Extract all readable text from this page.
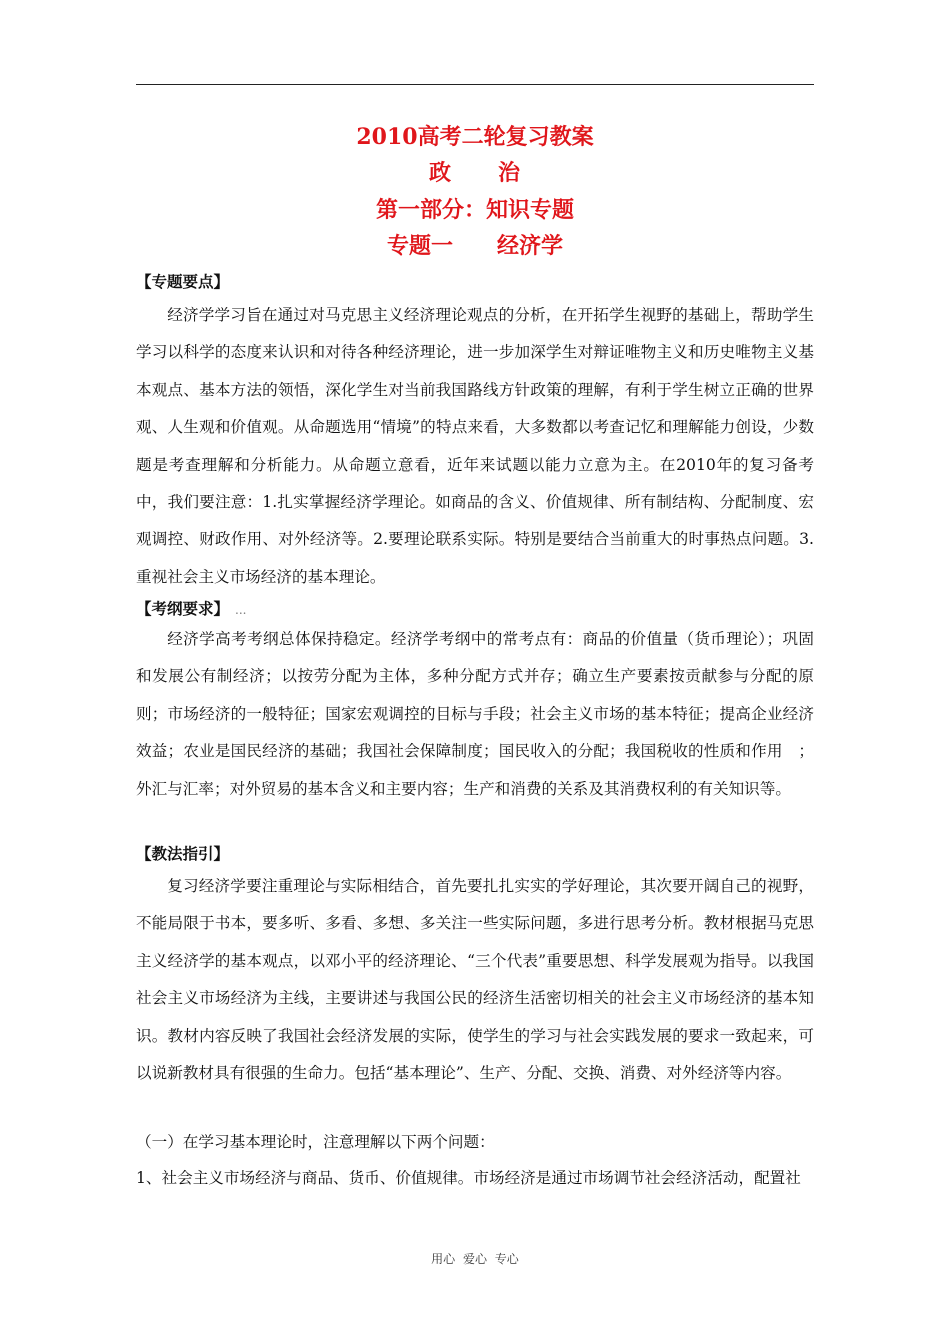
2010高考二轮复习教案
政　　治
第一部分：知识专题
专题一　　经济学
【专题要点】

经济学学习旨在通过对马克思主义经济理论观点的分析，在开拓学生视野的基础上，帮助学生学习以科学的态度来认识和对待各种经济理论，进一步加深学生对辩证唯物主义和历史唯物主义基本观点、基本方法的领悟，深化学生对当前我国路线方针政策的理解，有利于学生树立正确的世界观、人生观和价值观。从命题选用“情境”的特点来看，大多数都以考查记忆和理解能力创设，少数题是考查理解和分析能力。从命题立意看，近年来试题以能力立意为主。在2010年的复习备考中，我们要注意：1.扎实掌握经济学理论。如商品的含义、价值规律、所有制结构、分配制度、宏观调控、财政作用、对外经济等。2.要理论联系实际。特别是要结合当前重大的时事热点问题。3. 重视社会主义市场经济的基本理论。

【考纲要求】 ...

经济学高考考纲总体保持稳定。经济学考纲中的常考点有：商品的价值量（货币理论）；巩固和发展公有制经济；以按劳分配为主体，多种分配方式并存；确立生产要素按贡献参与分配的原则；市场经济的一般特征；国家宏观调控的目标与手段；社会主义市场的基本特征；提高企业经济效益；农业是国民经济的基础；我国社会保障制度；国民收入的分配；我国税收的性质和作用　；外汇与汇率；对外贸易的基本含义和主要内容；生产和消费的关系及其消费权利的有关知识等。

【教法指引】

复习经济学要注重理论与实际相结合，首先要扎扎实实的学好理论，其次要开阔自己的视野，不能局限于书本，要多听、多看、多想、多关注一些实际问题，多进行思考分析。教材根据马克思主义经济学的基本观点，以邓小平的经济理论、“三个代表”重要思想、科学发展观为指导。以我国社会主义市场经济为主线，主要讲述与我国公民的经济生活密切相关的社会主义市场经济的基本知识。教材内容反映了我国社会经济发展的实际，使学生的学习与社会实践发展的要求一致起来，可以说新教材具有很强的生命力。包括“基本理论”、生产、分配、交换、消费、对外经济等内容。

（一）在学习基本理论时，注意理解以下两个问题：
1、社会主义市场经济与商品、货币、价值规律。市场经济是通过市场调节社会经济活动，配置社
用心 爱心 专心
